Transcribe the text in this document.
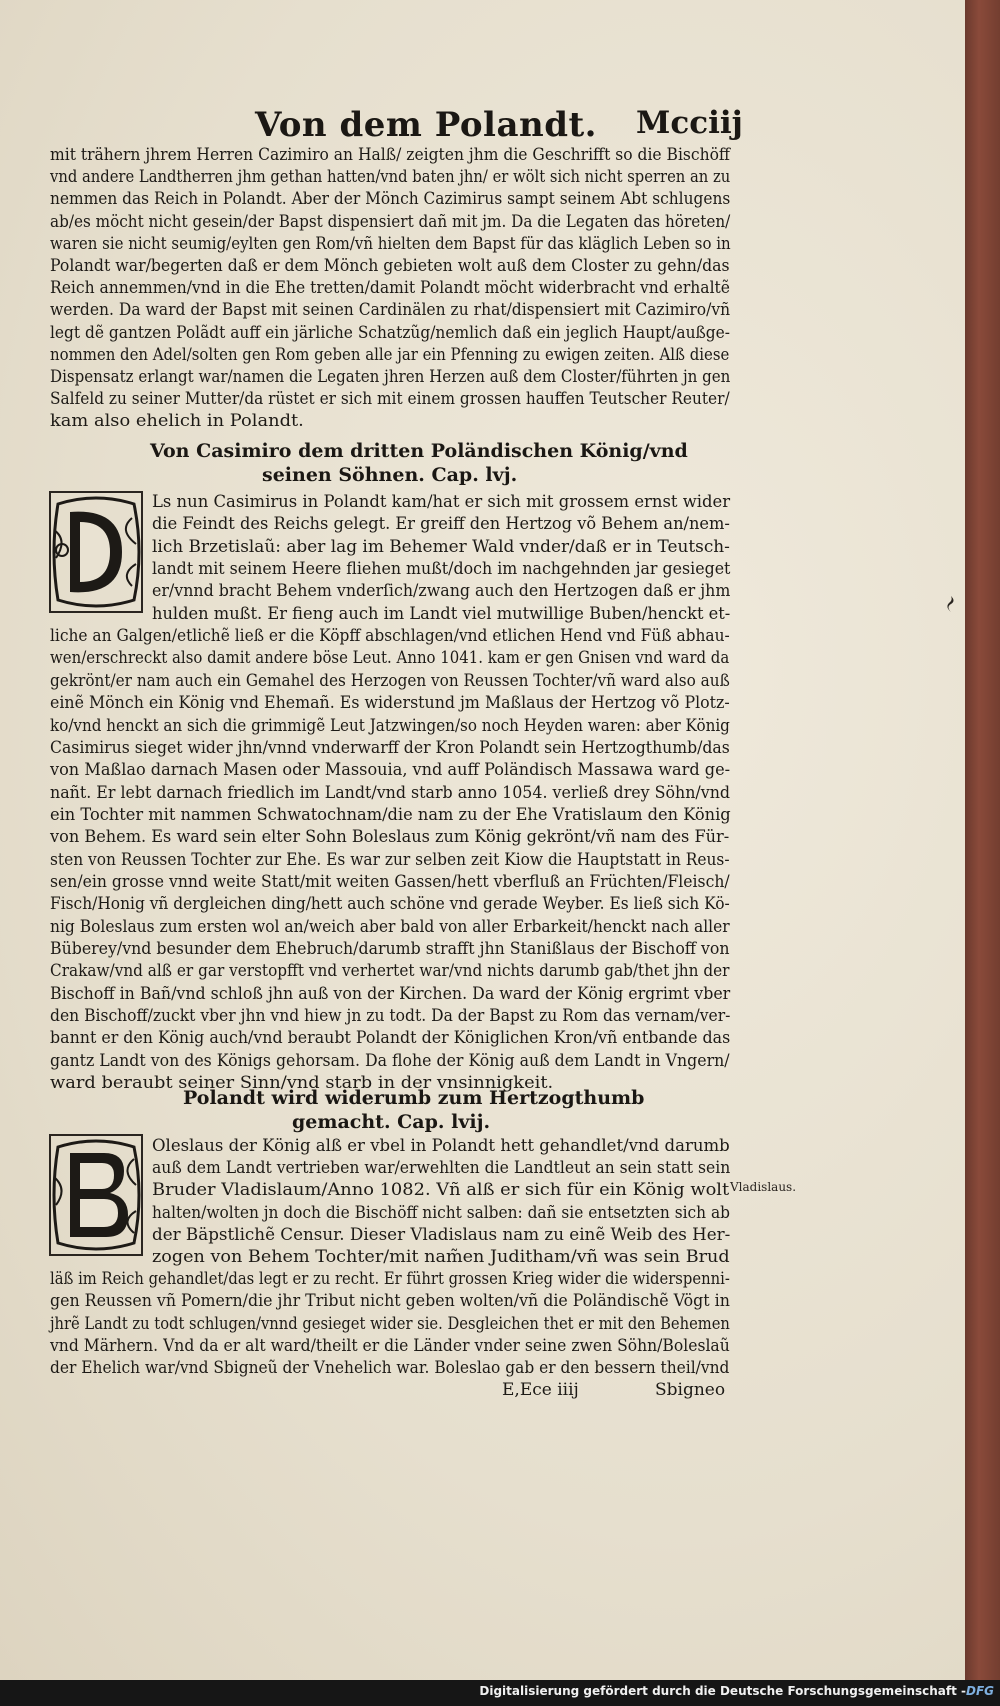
Von dem Polandt. Mcciij
mit trähern jhrem Herren Cazimiro an Halß/ zeigten jhm die Geschrifft so die Bischöff
vnd andere Landtherren jhm gethan hatten/vnd baten jhn/ er wölt sich nicht sperren an zu
nemmen das Reich in Polandt. Aber der Mönch Cazimirus sampt seinem Abt schlugens
ab/es möcht nicht gesein/der Bapst dispensiert dañ mit jm. Da die Legaten das höreten/
waren sie nicht seumig/eylten gen Rom/vñ hielten dem Bapst für das kläglich Leben so in
Polandt war/begerten daß er dem Mönch gebieten wolt auß dem Closter zu gehn/das
Reich annemmen/vnd in die Ehe tretten/damit Polandt möcht widerbracht vnd erhaltẽ
werden. Da ward der Bapst mit seinen Cardinälen zu rhat/dispensiert mit Cazimiro/vñ
legt dẽ gantzen Polãdt auff ein järliche Schatzũg/nemlich daß ein jeglich Haupt/außge-
nommen den Adel/solten gen Rom geben alle jar ein Pfenning zu ewigen zeiten. Alß diese
Dispensatz erlangt war/namen die Legaten jhren Herzen auß dem Closter/führten jn gen
Salfeld zu seiner Mutter/da rüstet er sich mit einem grossen hauffen Teutscher Reuter/
kam also ehelich in Polandt.
Ls nun Casimirus in Polandt kam/hat er sich mit grossem ernst wider
die Feindt des Reichs gelegt. Er greiff den Hertzog võ Behem an/nem-
lich Brzetislaũ: aber lag im Behemer Wald vnder/daß er in Teutsch-
landt mit seinem Heere fliehen mußt/doch im nachgehnden jar gesieget
er/vnnd bracht Behem vnderſich/zwang auch den Hertzogen daß er jhm
hulden mußt. Er fieng auch im Landt viel mutwillige Buben/henckt et-
liche an Galgen/etlichẽ ließ er die Köpff abschlagen/vnd etlichen Hend vnd Füß abhau-
wen/erschreckt also damit andere böse Leut. Anno 1041. kam er gen Gnisen vnd ward da
gekrönt/er nam auch ein Gemahel des Herzogen von Reussen Tochter/vñ ward also auß
einẽ Mönch ein König vnd Ehemañ. Es widerstund jm Maßlaus der Hertzog võ Plotz-
ko/vnd henckt an sich die grimmigẽ Leut Jatzwingen/so noch Heyden waren: aber König
Casimirus sieget wider jhn/vnnd vnderwarff der Kron Polandt sein Hertzogthumb/das
von Maßlao darnach Masen oder Massouia, vnd auff Poländisch Massawa ward ge-
nañt. Er lebt darnach friedlich im Landt/vnd starb anno 1054. verließ drey Söhn/vnd
ein Tochter mit nammen Schwatochnam/die nam zu der Ehe Vratislaum den König
von Behem. Es ward sein elter Sohn Boleslaus zum König gekrönt/vñ nam des Für-
sten von Reussen Tochter zur Ehe. Es war zur selben zeit Kiow die Hauptstatt in Reus-
sen/ein grosse vnnd weite Statt/mit weiten Gassen/hett vberfluß an Früchten/Fleisch/
Fisch/Honig vñ dergleichen ding/hett auch schöne vnd gerade Weyber. Es ließ sich Kö-
nig Boleslaus zum ersten wol an/weich aber bald von aller Erbarkeit/henckt nach aller
Büberey/vnd besunder dem Ehebruch/darumb strafft jhn Stanißlaus der Bischoff von
Crakaw/vnd alß er gar verstopfft vnd verhertet war/vnd nichts darumb gab/thet jhn der
Bischoff in Bañ/vnd schloß jhn auß von der Kirchen. Da ward der König ergrimt vber
den Bischoff/zuckt vber jhn vnd hiew jn zu todt. Da der Bapst zu Rom das vernam/ver-
bannt er den König auch/vnd beraubt Polandt der Königlichen Kron/vñ entbande das
gantz Landt von des Königs gehorsam. Da flohe der König auß dem Landt in Vngern/
ward beraubt seiner Sinn/vnd starb in der vnsinnigkeit.
Oleslaus der König alß er vbel in Polandt hett gehandlet/vnd darumb
auß dem Landt vertrieben war/erwehlten die Landtleut an sein statt sein
Bruder Vladislaum/Anno 1082. Vñ alß er sich für ein König wolt
halten/wolten jn doch die Bischöff nicht salben: dañ sie entsetzten sich ab
der Bäpstlichẽ Censur. Dieser Vladislaus nam zu einẽ Weib des Her-
zogen von Behem Tochter/mit nam̃en Juditham/vñ was sein Brud
läß im Reich gehandlet/das legt er zu recht. Er führt grossen Krieg wider die widerspenni-
gen Reussen vñ Pomern/die jhr Tribut nicht geben wolten/vñ die Poländischẽ Vögt in
jhrẽ Landt zu todt schlugen/vnnd gesieget wider sie. Desgleichen thet er mit den Behemen
vnd Märhern. Vnd da er alt ward/theilt er die Länder vnder seine zwen Söhn/Boleslaũ
der Ehelich war/vnd Sbigneũ der Vnehelich war. Boleslao gab er den bessern theil/vnd
Von Casimiro dem dritten Poländischen König/vnd
seinen Söhnen. Cap. lvj.
Polandt wird widerumb zum Hertzogthumb
gemacht. Cap. lvij.
Vladislaus.
E,Ece iiij	Sbigneo
Digitalisierung gefördert durch die Deutsche Forschungsgemeinschaft - DFG
